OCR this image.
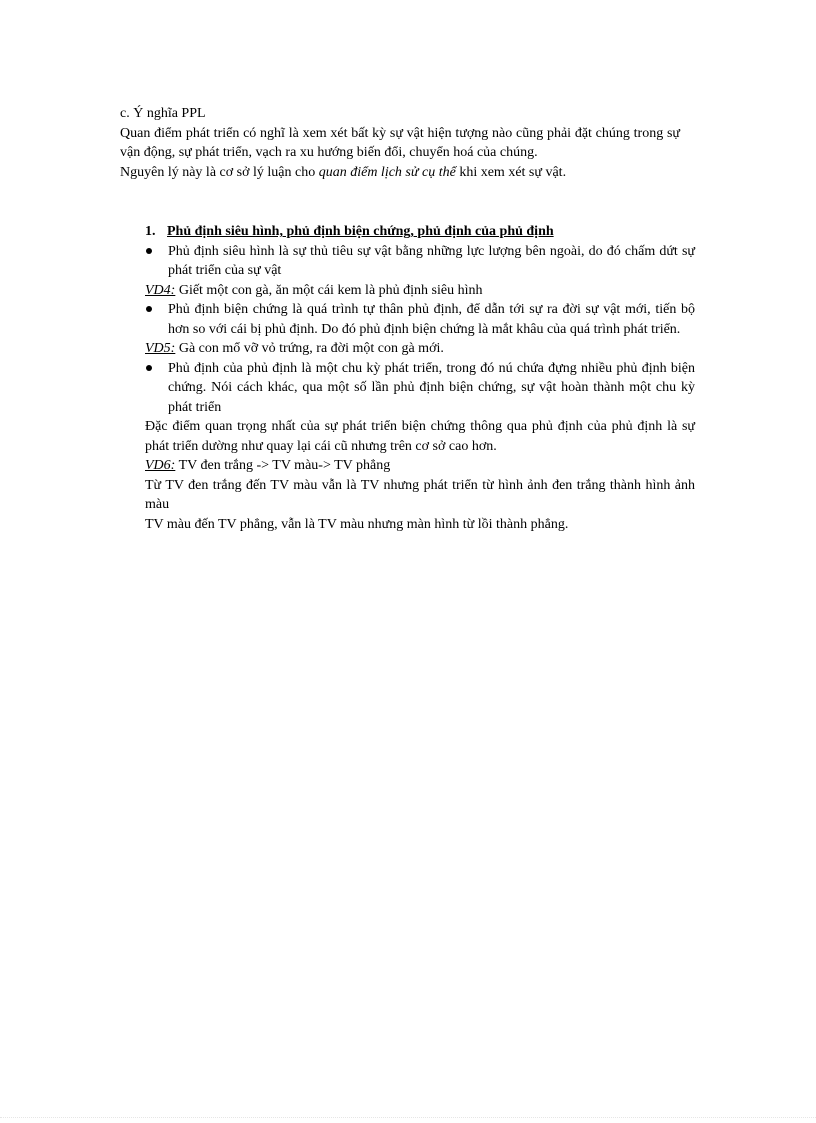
c. Ý nghĩa PPL

Quan điểm phát triển có nghĩ là xem xét bất kỳ sự vật hiện tượng nào cũng phải đặt chúng trong sự vận động, sự phát triển, vạch ra xu hướng biến đổi, chuyển hoá của chúng.

Nguyên lý này là cơ sở lý luận cho quan điểm lịch sử cụ thể khi xem xét sự vật.

1. Phủ định siêu hình, phủ định biện chứng, phủ định của phủ định

Phủ định siêu hình là sự thủ tiêu sự vật bằng những lực lượng bên ngoài, do đó chấm dứt sự phát triển của sự vật

VD4: Giết một con gà, ăn một cái kem là phủ định siêu hình

Phủ định biện chứng là quá trình tự thân phủ định, để dẫn tới sự ra đời sự vật mới, tiến bộ hơn so với cái bị phủ định. Do đó phủ định biện chứng là mắt khâu của quá trình phát triển.

VD5: Gà con mổ vỡ vỏ trứng, ra đời một con gà mới.

Phủ định của phủ định là một chu kỳ phát triển, trong đó nú chứa đựng nhiều phủ định biện chứng. Nói cách khác, qua một số lần phủ định biện chứng, sự vật hoàn thành một chu kỳ phát triển

Đặc điểm quan trọng nhất của sự phát triển biện chứng thông qua phủ định của phủ định là sự phát triển dường như quay lại cái cũ nhưng trên cơ sở cao hơn.

VD6: TV đen trắng -> TV màu-> TV phẳng

Từ TV đen trắng đến TV màu vẫn là TV nhưng phát triển từ hình ảnh đen trắng thành hình ảnh màu

TV màu đến TV phẳng, vẫn là TV màu nhưng màn hình từ lồi thành phẳng.
